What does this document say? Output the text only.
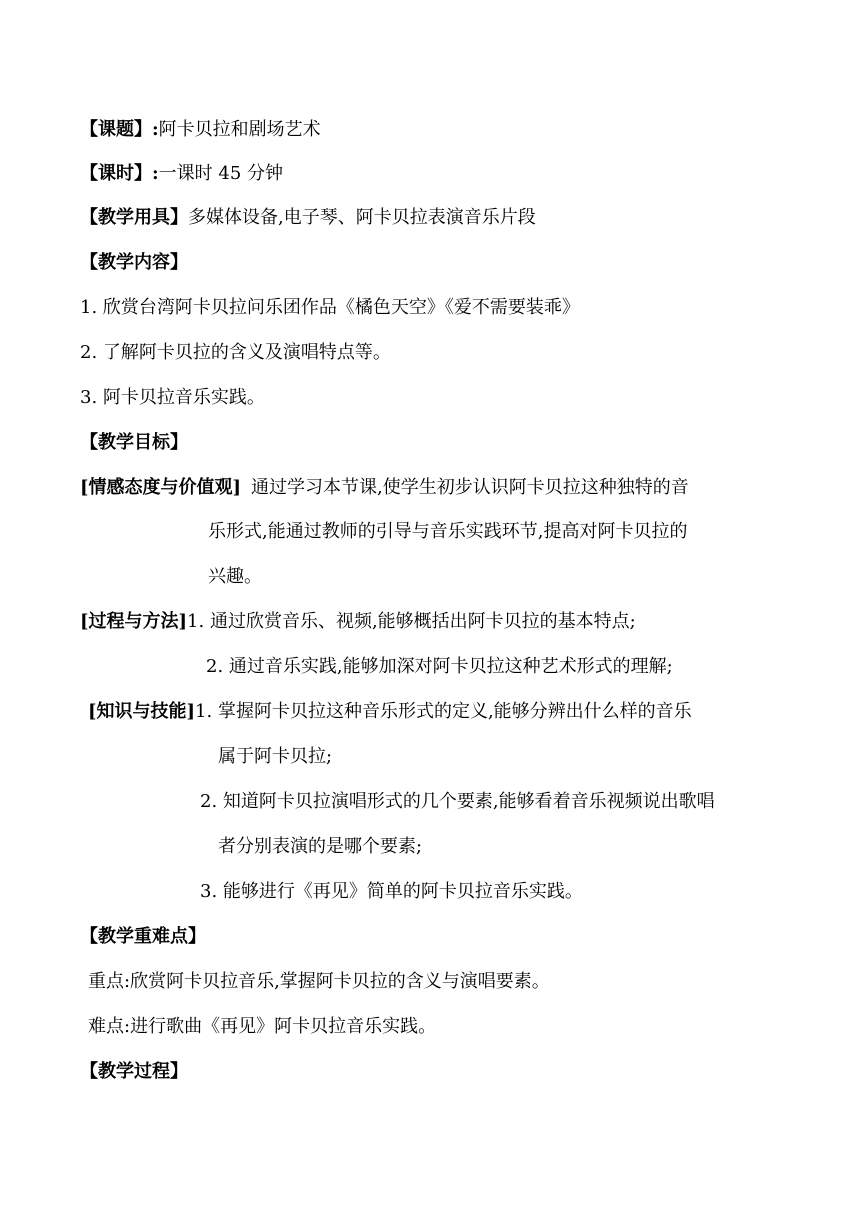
【课题】:阿卡贝拉和剧场艺术
【课时】:一课时 45 分钟
【教学用具】多媒体设备,电子琴、阿卡贝拉表演音乐片段
【教学内容】
1. 欣赏台湾阿卡贝拉问乐团作品《橘色天空》《爱不需要装乖》
2. 了解阿卡贝拉的含义及演唱特点等。
3. 阿卡贝拉音乐实践。
【教学目标】
[情感态度与价值观] 通过学习本节课,使学生初步认识阿卡贝拉这种独特的音
乐形式,能通过教师的引导与音乐实践环节,提高对阿卡贝拉的
兴趣。
[过程与方法]1. 通过欣赏音乐、视频,能够概括出阿卡贝拉的基本特点;
2. 通过音乐实践,能够加深对阿卡贝拉这种艺术形式的理解;
[知识与技能]1. 掌握阿卡贝拉这种音乐形式的定义,能够分辨出什么样的音乐
属于阿卡贝拉;
2. 知道阿卡贝拉演唱形式的几个要素,能够看着音乐视频说出歌唱
者分别表演的是哪个要素;
3. 能够进行《再见》简单的阿卡贝拉音乐实践。
【教学重难点】
重点:欣赏阿卡贝拉音乐,掌握阿卡贝拉的含义与演唱要素。
难点:进行歌曲《再见》阿卡贝拉音乐实践。
【教学过程】
